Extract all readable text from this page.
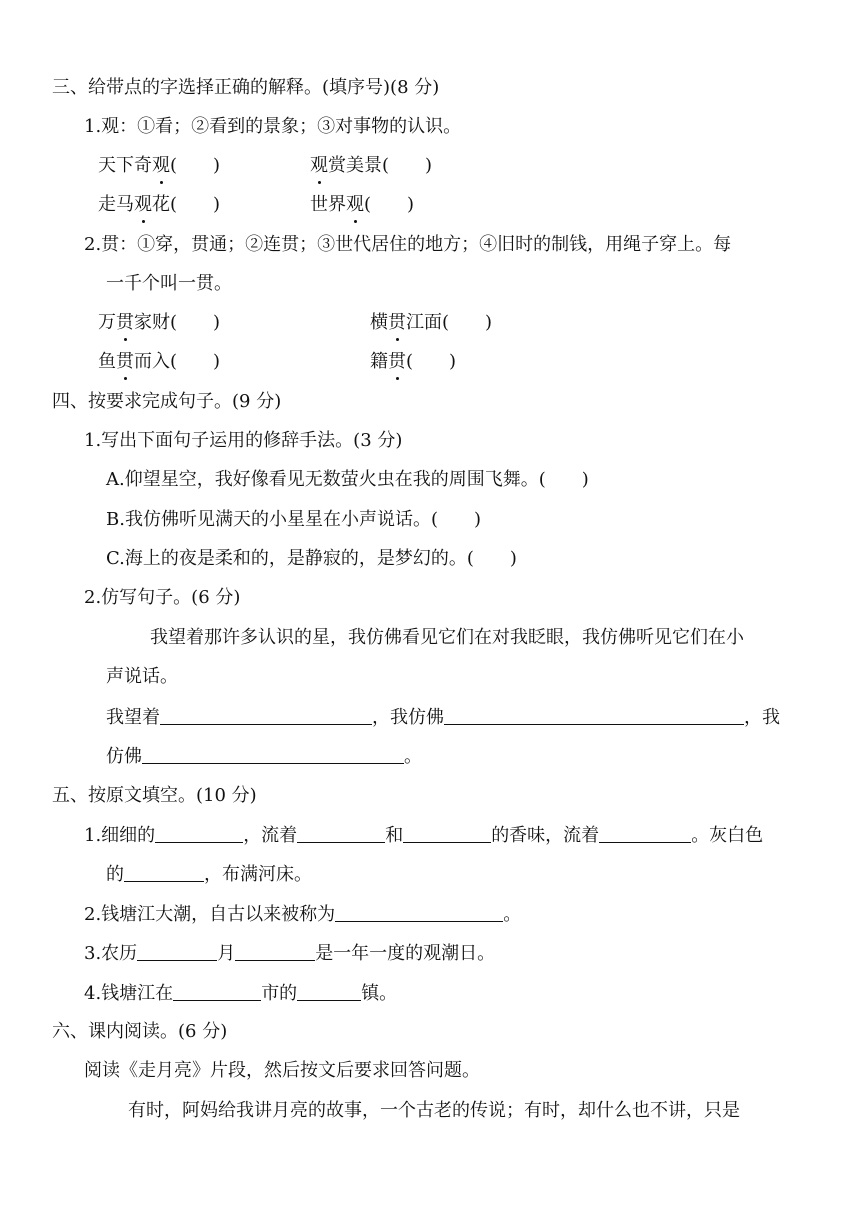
三、给带点的字选择正确的解释。(填序号)(8 分)
1.观：①看；②看到的景象；③对事物的认识。
天下奇观(　　)	观赏美景(　　)
走马观花(　　)	世界观(　　)
2.贯：①穿，贯通；②连贯；③世代居住的地方；④旧时的制钱，用绳子穿上。每
一千个叫一贯。
万贯家财(　　)	横贯江面(　　)
鱼贯而入(　　)	籍贯(　　)
四、按要求完成句子。(9 分)
1.写出下面句子运用的修辞手法。(3 分)
A.仰望星空，我好像看见无数萤火虫在我的周围飞舞。(　　)
B.我仿佛听见满天的小星星在小声说话。(　　)
C.海上的夜是柔和的，是静寂的，是梦幻的。(　　)
2.仿写句子。(6 分)
我望着那许多认识的星，我仿佛看见它们在对我眨眼，我仿佛听见它们在小
声说话。
我望着	，我仿佛	，我
仿佛	。
五、按原文填空。(10 分)
1.细细的	，流着	和	的香味，流着	。灰白色
的	，布满河床。
2.钱塘江大潮，自古以来被称为	。
3.农历	月	是一年一度的观潮日。
4.钱塘江在	市的	镇。
六、课内阅读。(6 分)
阅读《走月亮》片段，然后按文后要求回答问题。
有时，阿妈给我讲月亮的故事，一个古老的传说；有时，却什么也不讲，只是
